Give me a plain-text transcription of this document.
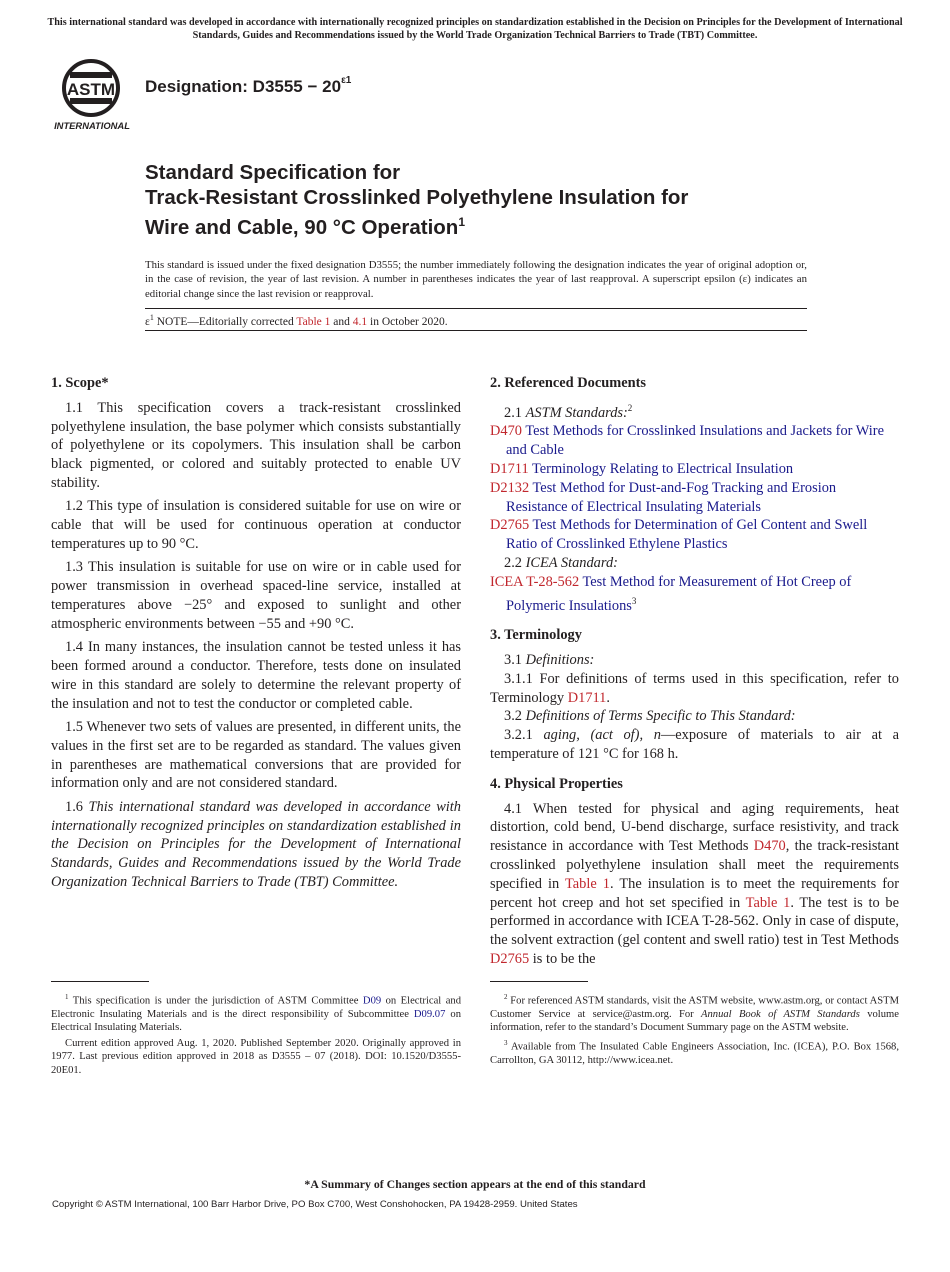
This international standard was developed in accordance with internationally recognized principles on standardization established in the Decision on Principles for the Development of International Standards, Guides and Recommendations issued by the World Trade Organization Technical Barriers to Trade (TBT) Committee.
ASTM
INTERNATIONAL
Designation: $D3555 - 20^{\varepsilon 1}$
Standard Specification for
Track-Resistant Crosslinked Polyethylene Insulation for
Wire and Cable, 90 °C Operation$^1$
This standard is issued under the fixed designation D3555; the number immediately following the designation indicates the year of original adoption or, in the case of revision, the year of last revision. A number in parentheses indicates the year of last reapproval. A superscript epsilon (ε) indicates an editorial change since the last revision or reapproval.
$\varepsilon^1$ NOTE—Editorially corrected Table 1 and 4.1 in October 2020.
1. Scope*

1.1 This specification covers a track-resistant crosslinked polyethylene insulation, the base polymer which consists substantially of polyethylene or its copolymers. This insulation shall be carbon black pigmented, or colored and suitably protected to enable UV stability.

1.2 This type of insulation is considered suitable for use on wire or cable that will be used for continuous operation at conductor temperatures up to 90 °C.

1.3 This insulation is suitable for use on wire or in cable used for power transmission in overhead spaced-line service, installed at temperatures above −25° and exposed to sunlight and other atmospheric environments between −55 and +90 °C.

1.4 In many instances, the insulation cannot be tested unless it has been formed around a conductor. Therefore, tests done on insulated wire in this standard are solely to determine the relevant property of the insulation and not to test the conductor or completed cable.

1.5 Whenever two sets of values are presented, in different units, the values in the first set are to be regarded as standard. The values given in parentheses are mathematical conversions that are provided for information only and are not considered standard.

1.6 This international standard was developed in accordance with internationally recognized principles on standardization established in the Decision on Principles for the Development of International Standards, Guides and Recommendations issued by the World Trade Organization Technical Barriers to Trade (TBT) Committee.

$^1$ This specification is under the jurisdiction of ASTM Committee D09 on Electrical and Electronic Insulating Materials and is the direct responsibility of Subcommittee D09.07 on Electrical Insulating Materials.

Current edition approved Aug. 1, 2020. Published September 2020. Originally approved in 1977. Last previous edition approved in 2018 as D3555 – 07 (2018). DOI: 10.1520/D3555-20E01.

2. Referenced Documents

2.1 ASTM Standards:$^2$

D470 Test Methods for Crosslinked Insulations and Jackets for Wire and Cable
D1711 Terminology Relating to Electrical Insulation
D2132 Test Method for Dust-and-Fog Tracking and Erosion Resistance of Electrical Insulating Materials
D2765 Test Methods for Determination of Gel Content and Swell Ratio of Crosslinked Ethylene Plastics

2.2 ICEA Standard:

ICEA T-28-562 Test Method for Measurement of Hot Creep of Polymeric Insulations$^3$
3. Terminology

3.1 Definitions:

3.1.1 For definitions of terms used in this specification, refer to Terminology D1711.

3.2 Definitions of Terms Specific to This Standard:

3.2.1 aging, (act of), n—exposure of materials to air at a temperature of 121 °C for 168 h.

4. Physical Properties

4.1 When tested for physical and aging requirements, heat distortion, cold bend, U-bend discharge, surface resistivity, and track resistance in accordance with Test Methods D470, the track-resistant crosslinked polyethylene insulation shall meet the requirements specified in Table 1. The insulation is to meet the requirements for percent hot creep and hot set specified in Table 1. The test is to be performed in accordance with ICEA T-28-562. Only in case of dispute, the solvent extraction (gel content and swell ratio) test in Test Methods D2765 is to be the

$^2$ For referenced ASTM standards, visit the ASTM website, www.astm.org, or contact ASTM Customer Service at service@astm.org. For Annual Book of ASTM Standards volume information, refer to the standard’s Document Summary page on the ASTM website.

$^3$ Available from The Insulated Cable Engineers Association, Inc. (ICEA), P.O. Box 1568, Carrollton, GA 30112, http://www.icea.net.

*A Summary of Changes section appears at the end of this standard
Copyright © ASTM International, 100 Barr Harbor Drive, PO Box C700, West Conshohocken, PA 19428-2959. United States
